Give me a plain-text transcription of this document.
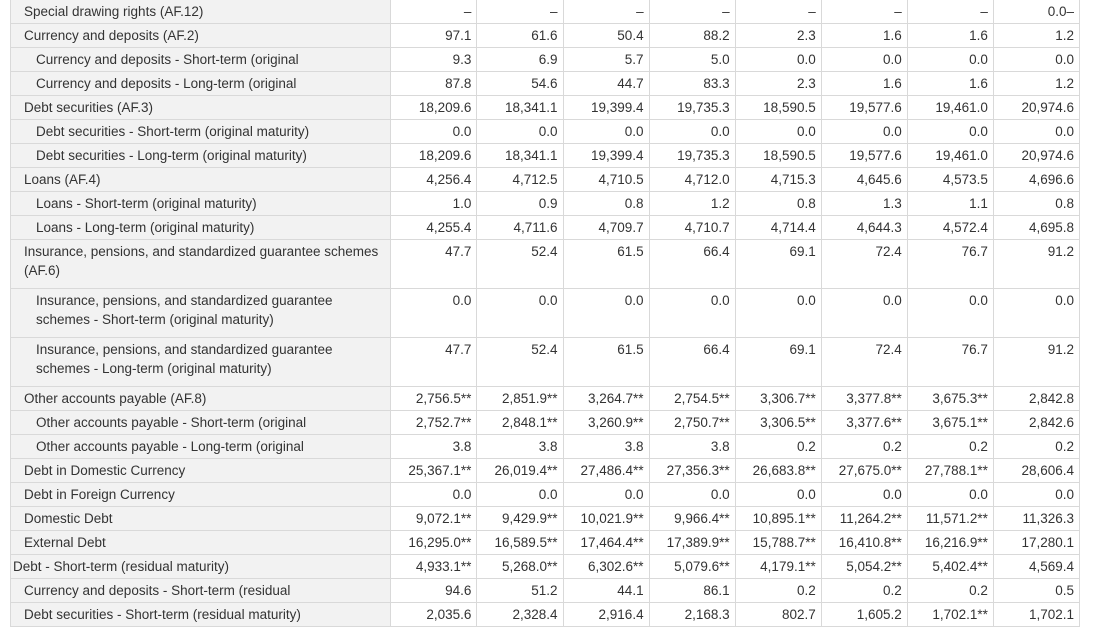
Special drawing rights (AF.12)	–	–	–	–	–	–	–	0.0–
Currency and deposits (AF.2)	97.1	61.6	50.4	88.2	2.3	1.6	1.6	1.2
Currency and deposits - Short-term (original	9.3	6.9	5.7	5.0	0.0	0.0	0.0	0.0
Currency and deposits - Long-term (original	87.8	54.6	44.7	83.3	2.3	1.6	1.6	1.2
Debt securities (AF.3)	18,209.6	18,341.1	19,399.4	19,735.3	18,590.5	19,577.6	19,461.0	20,974.6
Debt securities - Short-term (original maturity)	0.0	0.0	0.0	0.0	0.0	0.0	0.0	0.0
Debt securities - Long-term (original maturity)	18,209.6	18,341.1	19,399.4	19,735.3	18,590.5	19,577.6	19,461.0	20,974.6
Loans (AF.4)	4,256.4	4,712.5	4,710.5	4,712.0	4,715.3	4,645.6	4,573.5	4,696.6
Loans - Short-term (original maturity)	1.0	0.9	0.8	1.2	0.8	1.3	1.1	0.8
Loans - Long-term (original maturity)	4,255.4	4,711.6	4,709.7	4,710.7	4,714.4	4,644.3	4,572.4	4,695.8
Insurance, pensions, and standardized guarantee schemes (AF.6)	47.7	52.4	61.5	66.4	69.1	72.4	76.7	91.2
Insurance, pensions, and standardized guarantee schemes - Short-term (original maturity)	0.0	0.0	0.0	0.0	0.0	0.0	0.0	0.0
Insurance, pensions, and standardized guarantee schemes - Long-term (original maturity)	47.7	52.4	61.5	66.4	69.1	72.4	76.7	91.2
Other accounts payable (AF.8)	2,756.5**	2,851.9**	3,264.7**	2,754.5**	3,306.7**	3,377.8**	3,675.3**	2,842.8
Other accounts payable - Short-term (original	2,752.7**	2,848.1**	3,260.9**	2,750.7**	3,306.5**	3,377.6**	3,675.1**	2,842.6
Other accounts payable - Long-term (original	3.8	3.8	3.8	3.8	0.2	0.2	0.2	0.2
Debt in Domestic Currency	25,367.1**	26,019.4**	27,486.4**	27,356.3**	26,683.8**	27,675.0**	27,788.1**	28,606.4
Debt in Foreign Currency	0.0	0.0	0.0	0.0	0.0	0.0	0.0	0.0
Domestic Debt	9,072.1**	9,429.9**	10,021.9**	9,966.4**	10,895.1**	11,264.2**	11,571.2**	11,326.3
External Debt	16,295.0**	16,589.5**	17,464.4**	17,389.9**	15,788.7**	16,410.8**	16,216.9**	17,280.1
Debt - Short-term (residual maturity)	4,933.1**	5,268.0**	6,302.6**	5,079.6**	4,179.1**	5,054.2**	5,402.4**	4,569.4
Currency and deposits - Short-term (residual	94.6	51.2	44.1	86.1	0.2	0.2	0.2	0.5
Debt securities - Short-term (residual maturity)	2,035.6	2,328.4	2,916.4	2,168.3	802.7	1,605.2	1,702.1**	1,702.1
